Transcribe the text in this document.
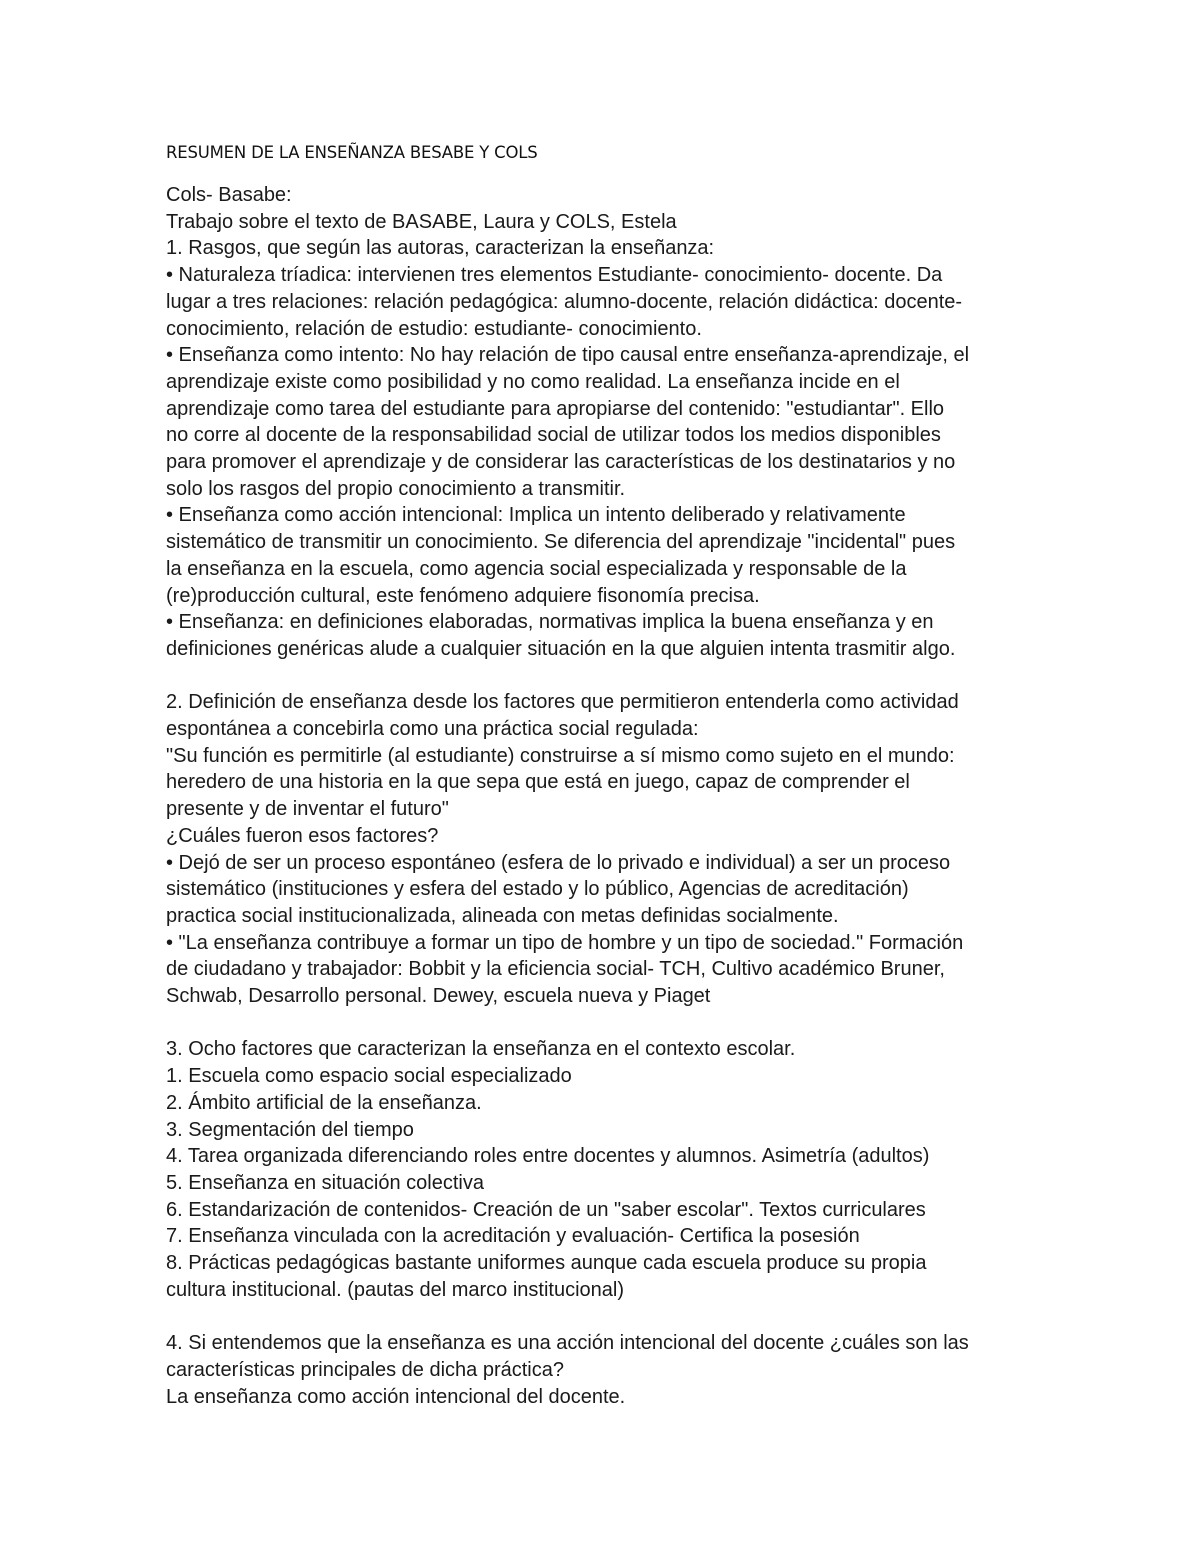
RESUMEN DE LA ENSEÑANZA BESABE Y COLS
Cols- Basabe:
Trabajo sobre el texto de BASABE, Laura y COLS, Estela
1. Rasgos, que según las autoras, caracterizan la enseñanza:
• Naturaleza tríadica: intervienen tres elementos Estudiante- conocimiento- docente. Da
lugar a tres relaciones: relación pedagógica: alumno-docente, relación didáctica: docente-
conocimiento, relación de estudio: estudiante- conocimiento.
• Enseñanza como intento: No hay relación de tipo causal entre enseñanza-aprendizaje, el
aprendizaje existe como posibilidad y no como realidad. La enseñanza incide en el
aprendizaje como tarea del estudiante para apropiarse del contenido: "estudiantar". Ello
no corre al docente de la responsabilidad social de utilizar todos los medios disponibles
para promover el aprendizaje y de considerar las características de los destinatarios y no
solo los rasgos del propio conocimiento a transmitir.
• Enseñanza como acción intencional: Implica un intento deliberado y relativamente
sistemático de transmitir un conocimiento. Se diferencia del aprendizaje "incidental" pues
la enseñanza en la escuela, como agencia social especializada y responsable de la
(re)producción cultural, este fenómeno adquiere fisonomía precisa.
• Enseñanza: en definiciones elaboradas, normativas implica la buena enseñanza y en
definiciones genéricas alude a cualquier situación en la que alguien intenta trasmitir algo.
2. Definición de enseñanza desde los factores que permitieron entenderla como actividad
espontánea a concebirla como una práctica social regulada:
"Su función es permitirle (al estudiante) construirse a sí mismo como sujeto en el mundo:
heredero de una historia en la que sepa que está en juego, capaz de comprender el
presente y de inventar el futuro"
¿Cuáles fueron esos factores?
• Dejó de ser un proceso espontáneo (esfera de lo privado e individual) a ser un proceso
sistemático (instituciones y esfera del estado y lo público, Agencias de acreditación)
practica social institucionalizada, alineada con metas definidas socialmente.
• "La enseñanza contribuye a formar un tipo de hombre y un tipo de sociedad." Formación
de ciudadano y trabajador: Bobbit y la eficiencia social- TCH, Cultivo académico Bruner,
Schwab, Desarrollo personal. Dewey, escuela nueva y Piaget
3. Ocho factores que caracterizan la enseñanza en el contexto escolar.
1. Escuela como espacio social especializado
2. Ámbito artificial de la enseñanza.
3. Segmentación del tiempo
4. Tarea organizada diferenciando roles entre docentes y alumnos. Asimetría (adultos)
5. Enseñanza en situación colectiva
6. Estandarización de contenidos- Creación de un "saber escolar". Textos curriculares
7. Enseñanza vinculada con la acreditación y evaluación- Certifica la posesión
8. Prácticas pedagógicas bastante uniformes aunque cada escuela produce su propia
cultura institucional. (pautas del marco institucional)
4. Si entendemos que la enseñanza es una acción intencional del docente ¿cuáles son las
características principales de dicha práctica?
La enseñanza como acción intencional del docente.
